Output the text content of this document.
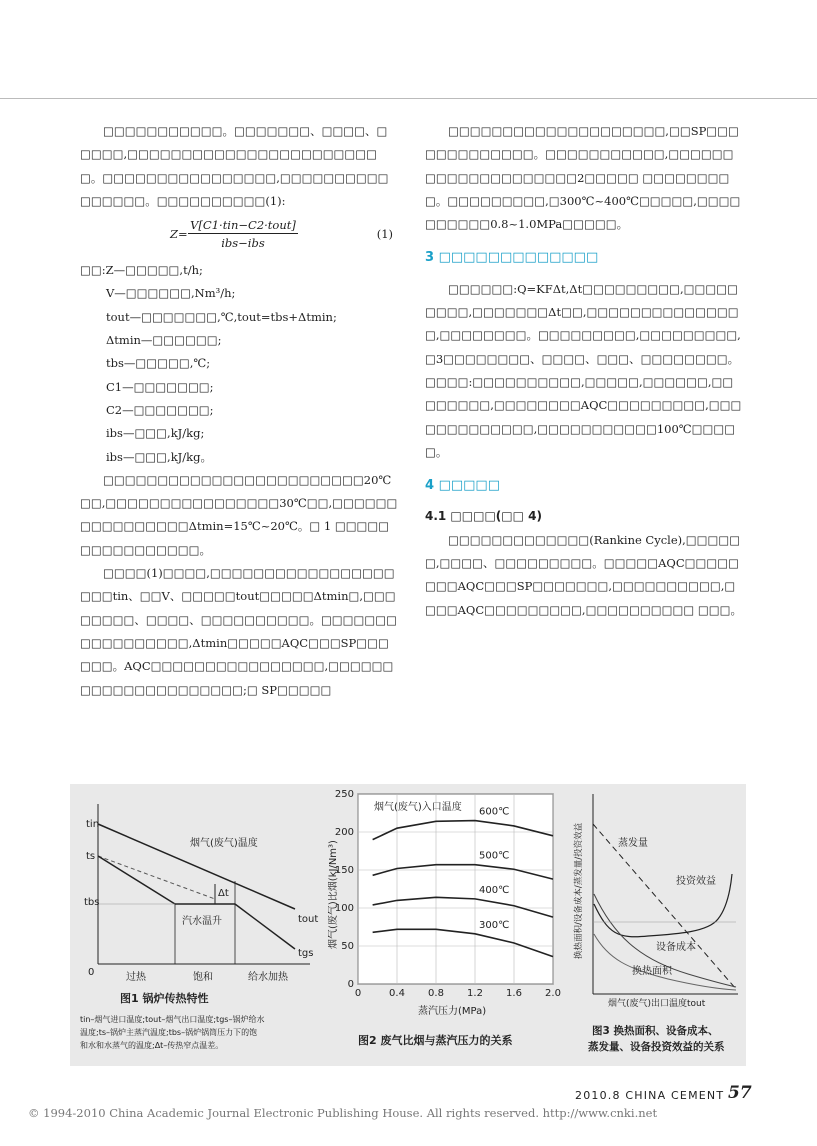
□□□□□□□□□□□。□□□□□□□、□□□□、□□□□□,□□□□□□□□□□□□□□□□□□□□□□□□。□□□□□□□□□□□□□□□□,□□□□□□□□□□□□□□□□。□□□□□□□□□□(1):

Z=
V[C1·tin−C2·tout]
ibs−ibs
(1)

□□:Z—□□□□□,t/h;

V—□□□□□□,Nm³/h;
tout—□□□□□□□,℃,tout=tbs+Δtmin;
Δtmin—□□□□□□;
tbs—□□□□□,℃;
C1—□□□□□□□;
C2—□□□□□□□;
ibs—□□□,kJ/kg;
ibs—□□□,kJ/kg。

□□□□□□□□□□□□□□□□□□□□□□□□20℃□□,□□□□□□□□□□□□□□□□30℃□□,□□□□□□□□□□□□□□□□Δtmin=15℃~20℃。□ 1 □□□□□□□□□□□□□□□□。

□□□□(1)□□□□,□□□□□□□□□□□□□□□□□□□□tin、□□V、□□□□□tout□□□□□Δtmin□,□□□□□□□□、□□□□、□□□□□□□□□□。□□□□□□□□□□□□□□□□□,Δtmin□□□□□AQC□□□SP□□□□□□。AQC□□□□□□□□□□□□□□□□,□□□□□□□□□□□□□□□□□□□□□;□ SP□□□□□

□□□□□□□□□□□□□□□□□□□□,□□SP□□□□□□□□□□□□□。□□□□□□□□□□□,□□□□□□□□□□□□□□□□□□□□2□□□□□ □□□□□□□□□。□□□□□□□□□,□300℃~400℃□□□□□,□□□□□□□□□□0.8~1.0MPa□□□□□。

3 □□□□□□□□□□□□□

□□□□□□:Q=KFΔt,Δt□□□□□□□□□,□□□□□□□□□,□□□□□□□Δt□□,□□□□□□□□□□□□□□□,□□□□□□□□。□□□□□□□□□,□□□□□□□□□,□3□□□□□□□□、□□□□、□□□、□□□□□□□□。□□□□:□□□□□□□□□□,□□□□□,□□□□□□,□□□□□□□□,□□□□□□□□AQC□□□□□□□□□,□□□□□□□□□□□□□,□□□□□□□□□□□100℃□□□□□。

4 □□□□□
4.1 □□□□(□□ 4)

□□□□□□□□□□□□□(Rankine Cycle),□□□□□□,□□□□、□□□□□□□□□。□□□□□AQC□□□□□□□□AQC□□□SP□□□□□□□,□□□□□□□□□□,□□□□AQC□□□□□□□□□,□□□□□□□□□□ □□□。

tin
ts
tbs
0
烟气(废气)温度
汽水温升
Δt
tout
tgs
过热	饱和	给水加热
图1 锅炉传热特性
tin–烟气进口温度;tout–烟气出口温度;tgs–锅炉给水
温度;ts–锅炉主蒸汽温度;tbs–锅炉锅筒压力下的饱
和水和水蒸气的温度;Δt–传热窄点温差。	图2 废气比烟与蒸汽压力的关系
0
50
100
150
200
250
0	0.4 0.8 1.2 1.6 2.0
600℃
500℃
400℃
300℃
烟气(废气)入口温度
蒸汽压力(MPa)
烟气(废气)比烟(kJ/Nm³)	换热面积/设备成本/蒸发量/投资效益
烟气(废气)出口温度tout
蒸发量
投资效益
设备成本
换热面积
图3 换热面积、设备成本、
蒸发量、设备投资效益的关系
2010.8 CHINA CEMENT 57
© 1994-2010 China Academic Journal Electronic Publishing House. All rights reserved. http://www.cnki.net
